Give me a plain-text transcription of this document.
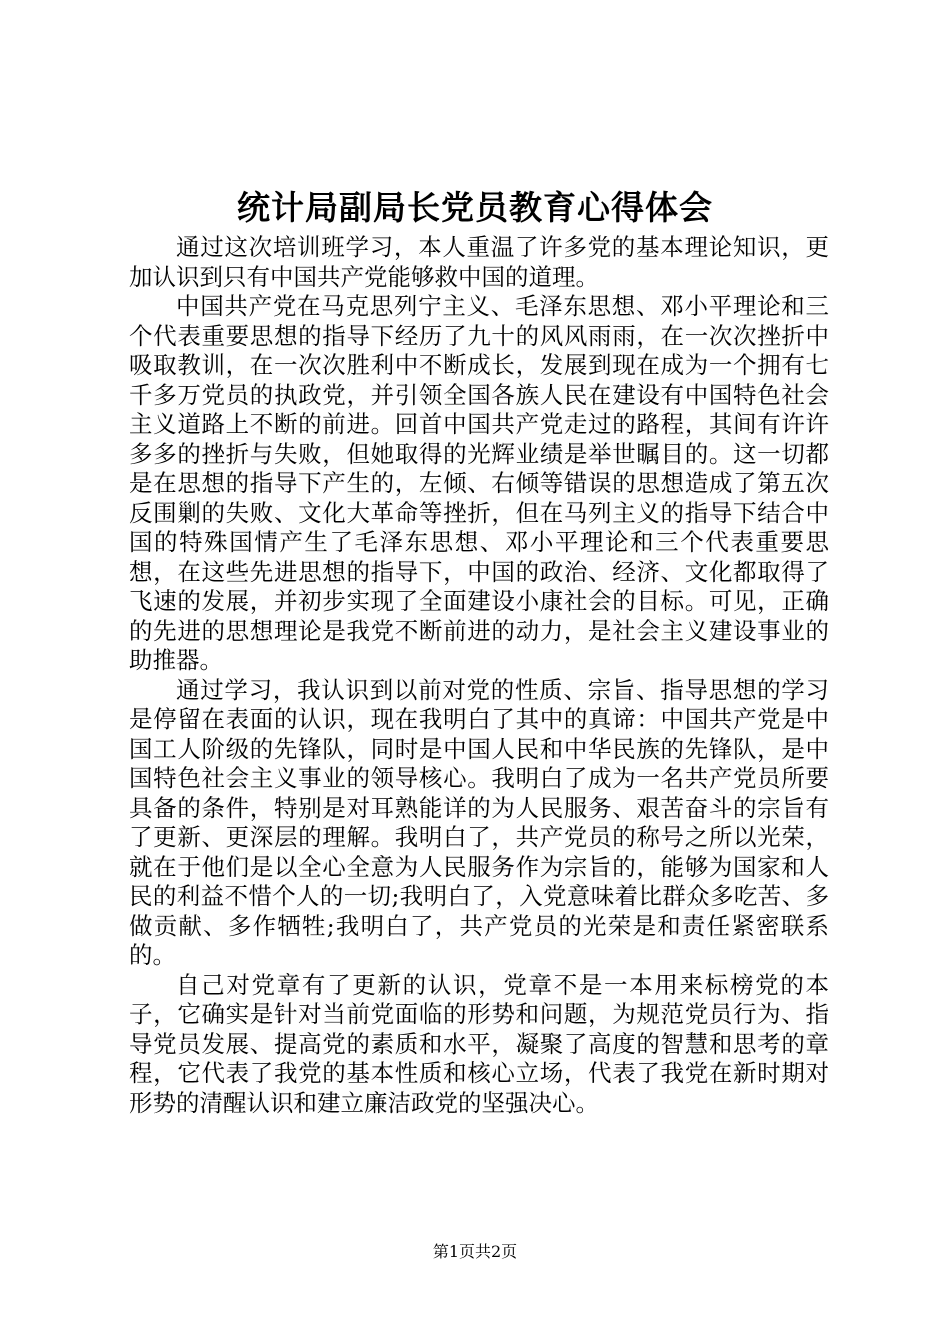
统计局副局长党员教育心得体会

通过这次培训班学习，本人重温了许多党的基本理论知识，更加认识到只有中国共产党能够救中国的道理。

中国共产党在马克思列宁主义、毛泽东思想、邓小平理论和三个代表重要思想的指导下经历了九十的风风雨雨，在一次次挫折中吸取教训，在一次次胜利中不断成长，发展到现在成为一个拥有七千多万党员的执政党，并引领全国各族人民在建设有中国特色社会主义道路上不断的前进。回首中国共产党走过的路程，其间有许许多多的挫折与失败，但她取得的光辉业绩是举世瞩目的。这一切都是在思想的指导下产生的，左倾、右倾等错误的思想造成了第五次反围剿的失败、文化大革命等挫折，但在马列主义的指导下结合中国的特殊国情产生了毛泽东思想、邓小平理论和三个代表重要思想，在这些先进思想的指导下，中国的政治、经济、文化都取得了飞速的发展，并初步实现了全面建设小康社会的目标。可见，正确的先进的思想理论是我党不断前进的动力，是社会主义建设事业的助推器。

通过学习，我认识到以前对党的性质、宗旨、指导思想的学习是停留在表面的认识，现在我明白了其中的真谛：中国共产党是中国工人阶级的先锋队，同时是中国人民和中华民族的先锋队，是中国特色社会主义事业的领导核心。我明白了成为一名共产党员所要具备的条件，特别是对耳熟能详的为人民服务、艰苦奋斗的宗旨有了更新、更深层的理解。我明白了，共产党员的称号之所以光荣，就在于他们是以全心全意为人民服务作为宗旨的，能够为国家和人民的利益不惜个人的一切;我明白了，入党意味着比群众多吃苦、多做贡献、多作牺牲;我明白了，共产党员的光荣是和责任紧密联系的。

自己对党章有了更新的认识，党章不是一本用来标榜党的本子，它确实是针对当前党面临的形势和问题，为规范党员行为、指导党员发展、提高党的素质和水平，凝聚了高度的智慧和思考的章程，它代表了我党的基本性质和核心立场，代表了我党在新时期对形势的清醒认识和建立廉洁政党的坚强决心。

第1页共2页
